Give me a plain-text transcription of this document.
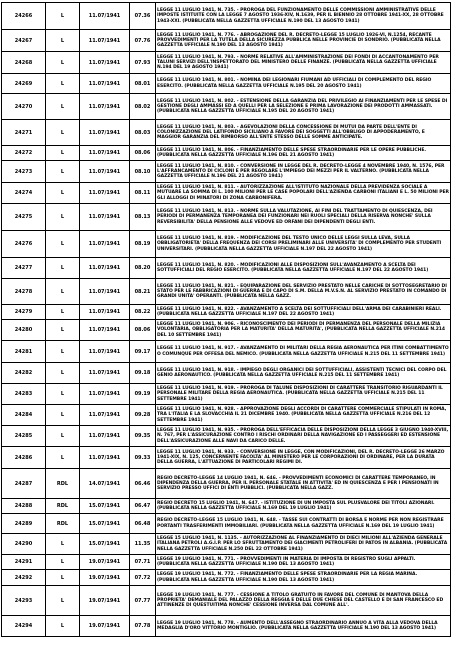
24266	L	11.07/1941	07.36	LEGGE 11 LUGLIO 1941, N. 735. - PROROGA DEL FUNZIONAMENTO DELLE COMMISSIONI AMMINISTRATIVE DELLE IMPOSTE ISTITUITE CON LA LEGGE 7 AGOSTO 1936-XIV, N.1639, PER IL BIENNIO 28 OTTOBRE 1941-XX, 28 OTTOBRE 1943-XXI. (PUBBLICATA NELLA GAZZETTA UFFICIALE N.190 DEL 13 AGOSTO 1941)
24267	L	11.07/1941	07.76	LEGGE 11 LUGLIO 1941, N. 776. - ABROGAZIONE DEL R. DECRETO-LEGGE 15 LUGLIO 1926-VI, N.1254, RECANTE PROVVEDIMENTI PER LA TUTELA DELLA SICUREZZA PUBBLICA NELLE PROVINCIE DI SONDRIO. (PUBBLICATA NELLA GAZZETTA UFFICIALE N.190 DEL 13 AGOSTO 1941)
24268	L	11.07/1941	07.93	LEGGE 11 LUGLIO 1941, N. 793. - NORME RELATIVE ALL'AMMINISTRAZIONE DEI FONDI DI ACCANTONAMENTO PER TALUNI SERVIZI DELL'INSPETTORATO DEL MINISTERO DELLE FINANZE. (PUBBLICATA NELLA GAZZETTA UFFICIALE N.194 DEL 19 AGOSTO 1941)
24269	L	11.07/1941	08.01	LEGGE 11 LUGLIO 1941, N. 801. - NOMINA DEI LEGIONARI FIUMANI AD UFFICIALI DI COMPLEMENTO DEL REGIO ESERCITO. (PUBBLICATA NELLA GAZZETTA UFFICIALE N.195 DEL 20 AGOSTO 1941)
24270	L	11.07/1941	08.02	LEGGE 11 LUGLIO 1941, N. 802. - ESTENSIONE DELLA GARANZIA DEL PRIVILEGIO AI FINANZIAMENTI PER LE SPESE DI GESTIONE DEGLI AMMASSI ED A QUELLI PER LA SELEZIONE E PRIMA LAVORAZIONE DEI PRODOTTI AMMASSATI. (PUBBLICATA NELLA GAZZETTA UFFICIALE N.195 DEL 20 AGOSTO 1941)
24271	L	11.07/1941	08.03	LEGGE 11 LUGLIO 1941, N. 803. - AGEVOLAZIONI DELLA CONCESSIONE DI MUTUI DA PARTE DELL'ENTE DI COLONIZZAZIONE DEL LATIFONDO SICILIANO A FAVORE DEI SOGGETTI ALL'OBBLIGO DI APPODERAMENTO, E MAGGIOR GARANZIA DEL RIMBORSO ALL'ENTE STESSO DELLE SOMME ANTICIPATE.
24272	L	11.07/1941	08.06	LEGGE 11 LUGLIO 1941, N. 806. - FINANZIAMENTO DELLE SPESE STRAORDINARIE PER LE OPERE PUBBLICHE. (PUBBLICATA NELLA GAZZETTA UFFICIALE N.196 DEL 21 AGOSTO 1941)
24273	L	11.07/1941	08.10	LEGGE 11 LUGLIO 1941, N. 810. - CONVERSIONE IN LEGGE DEL R. DECRETO-LEGGE 4 NOVEMBRE 1940, N. 1576, PER L'AFFRANCAMENTO DI CICLONI E PER REGOLARE L'IMPIEGO DEI MEZZI PER IL VALTERNO. (PUBBLICATA NELLA GAZZETTA UFFICIALE N.196 DEL 21 AGOSTO 1941)
24274	L	11.07/1941	08.11	LEGGE 11 LUGLIO 1941, N. 811. - AUTORIZZAZIONE ALL'ISTITUTO NAZIONALE DELLA PREVIDENZA SOCIALE A MUTUARE LA SOMMA DI L. 100 MILIONI PER LE CASE POPOLARI DELL'AZIENDA CARBONI ITALIANI E L. 50 MILIONI PER GLI ALLOGGI DI MINATORI DI ZONA CARBONIFERA.
24275	L	11.07/1941	08.13	LEGGE 11 LUGLIO 1941, N. 813. - NORME SULLA VALUTAZIONE, AI FINI DEL TRATTAMENTO DI QUIESCENZA, DEI PERIODI DI PERMANENZA TEMPORANEA DEI FUNZIONARI NEI RUOLI SPECIALI DELLA RISERVA NONCHE' SULLA REVERSIBILITA' DELLA PENSIONE ALLE VEDOVE ED ORFANI DEI DIPENDENTI DEGLI ENTI.
24276	L	11.07/1941	08.19	LEGGE 11 LUGLIO 1941, N. 819. - MODIFICAZIONE DEL TESTO UNICO DELLE LEGGI SULLA LEVA, SULLA OBBLIGATORIETA' DELLA FREQUENZA DEI CORSI PRELIMINARI ALLE UNIVERSITA' DI COMPLEMENTO PER STUDENTI UNIVERSITARI. (PUBBLICATA NELLA GAZZETTA UFFICIALE N.197 DEL 22 AGOSTO 1941)
24277	L	11.07/1941	08.20	LEGGE 11 LUGLIO 1941, N. 820. - MODIFICAZIONI ALLE DISPOSIZIONI SULL'AVANZAMENTO A SCELTA DEI SOTTUFFICIALI DEL REGIO ESERCITO. (PUBBLICATA NELLA GAZZETTA UFFICIALE N.197 DEL 22 AGOSTO 1941)
24278	L	11.07/1941	08.21	LEGGE 11 LUGLIO 1941, N. 821. - EQUIPARAZIONE DEL SERVIZIO PRESTATO NELLE CARICHE DI SOTTOSEGRETARIO DI STATO PER LE FABBRICAZIONI DI GUERRA E DI CAPO DI S.M. DELLA M.V.S.N. AL SERVIZIO PRESTATO IN COMANDO DI GRANDI UNITA' OPERANTI. (PUBBLICATA NELLA GAZZ.
24279	L	11.07/1941	08.22	LEGGE 11 LUGLIO 1941, N. 822. - AVANZAMENTO A SCELTA DEI SOTTUFFICIALI DELL'ARMA DEI CARABINIERI REALI. (PUBBLICATA NELLA GAZZETTA UFFICIALE N.197 DEL 22 AGOSTO 1941)
24280	L	11.07/1941	08.06	LEGGE 11 LUGLIO 1941, N. 906. - RICONOSCIMENTO DEI PERIODI DI PERMANENZA DEL PERSONALE DELLA MILIZIA VOLONTARIA, OBBLIGATORIA PER LA MATURITA' DELLA MATURITA', (PUBBLICATA NELLA GAZZETTA UFFICIALE N.214 DEL 10 SETTEMBRE 1941)
24281	L	11.07/1941	09.17	LEGGE 11 LUGLIO 1941, N. 917. - AVANZAMENTO DI MILITARI DELLA REGIA AERONAUTICA PER ITINI COMBATTIMENTO O COMUNQUE PER OFFESA DEL NEMICO. (PUBBLICATA NELLA GAZZETTA UFFICIALE N.215 DEL 11 SETTEMBRE 1941)
24282	L	11.07/1941	09.18	LEGGE 11 LUGLIO 1941, N. 918. - IMPIEGO DEGLI ORGANICI DEI SOTTUFFICIALI, ASSISTENTI TECNICI DEL CORPO DEL GENIO AERONAUTICO. (PUBBLICATA NELLA GAZZETTA UFFICIALE N.215 DEL 11 SETTEMBRE 1941)
24283	L	11.07/1941	09.19	LEGGE 11 LUGLIO 1941, N. 919. - PROROGA DI TALUNE DISPOSIZIONI DI CARATTERE TRANSITORIO RIGUARDANTI IL PERSONALE MILITARE DELLA REGIA AERONAUTICA. (PUBBLICATA NELLA GAZZETTA UFFICIALE N.215 DEL 11 SETTEMBRE 1941)
24284	L	11.07/1941	09.28	LEGGE 11 LUGLIO 1941, N. 928. - APPROVAZIONE DEGLI ACCORDI DI CARATTERE COMMERCIALE STIPULATI IN ROMA, TRA L'ITALIA E LA SLOVACCHIA IL 21 DICEMBRE 1940. (PUBBLICATA NELLA GAZZETTA UFFICIALE N.216 DEL 12 SETTEMBRE 1941)
24285	L	11.07/1941	09.35	LEGGE 11 LUGLIO 1941, N. 935. - PROROGA DELL'EFFICACIA DELLE DISPOSIZIONI DELLA LEGGE 3 GIUGNO 1940-XVIII, N. 767, PER L'ASSICURAZIONE CONTRO I RISCHI ORDINARI DELLA NAVIGAZIONE ED I PASSEGGERI ED ESTENSIONE DELL'ASSICURAZIONE ALLE NAVI DA CARICO DELLE.
24286	L	11.07/1941	09.33	LEGGE 11 LUGLIO 1941, N. 933. - CONVERSIONE IN LEGGE, CON MODIFICAZIONI, DEL R. DECRETO-LEGGE 26 MARZO 1941-XIX, N. 125, CONCERNENTE FACOLTA' AL MINISTERO PER LE CORPORAZIONI DI ORDINARE, PER LA DURATA DELLA GUERRA, L'ATTUAZIONE DI PARTICOLARI REGIMI DI.
24287	RDL	14.07/1941	06.46	REGIO DECRETO-LEGGE 14 LUGLIO 1941, N. 646. - PROVVEDIMENTI ECONOMICI DI CARATTERE TEMPORANEO, IN DIPENDENZA DELLA GUERRA, PER IL PERSONALE STATALE IN ATTIVITA' ED IN QUIESCENZA E PER I PENSIONATI IN SERVIZIO PRESSO UFFICI DI ENTI PUBBLICI. (PUBBLICATA NELLA GAZZ.
24288	RDL	15.07/1941	06.47	REGIO DECRETO 15 LUGLIO 1941, N. 647. - ISTITUZIONE DI UN IMPOSTA SUL PLUSVALORE DEI TITOLI AZIONARI. (PUBBLICATA NELLA GAZZETTA UFFICIALE N.169 DEL 19 LUGLIO 1941)
24289	RDL	15.07/1941	06.48	REGIO DECRETO-LEGGE 15 LUGLIO 1941, N. 648. - TASSE SUI CONTRATTI DI BORSA E NORME PER NON REGISTRARE PORTANTI TRASFERIMENTI IMMOBILIARI. (PUBBLICATA NELLA GAZZETTA UFFICIALE N.169 DEL 19 LUGLIO 1941)
24290	L	15.07/1941	11.35	LEGGE 15 LUGLIO 1941, N. 1135. - AUTORIZZAZIONE AL FINANZIAMENTO DI DIECI MILIONI ALL'AZIENDA GENERALE ITALIANA PETROLI A.G.I.P. PER LO SFRUTTAMENTO DEI GIACIMENTI PETROLIFERI DI PATOS IN ALBANIA. (PUBBLICATA NELLA GAZZETTA UFFICIALE N.250 DEL 22 OTTOBRE 1941)
24291	L	19.07/1941	07.71	LEGGE 19 LUGLIO 1941, N. 771. - PROVVEDIMENTI IN MATERIA DI IMPOSTA DI REGISTRO SUGLI APPALTI. (PUBBLICATA NELLA GAZZETTA UFFICIALE N.190 DEL 13 AGOSTO 1941)
24292	L	19.07/1941	07.72	LEGGE 19 LUGLIO 1941, N. 772. - FINANZIAMENTO DELLE SPESE STRAORDINARIE PER LA REGIA MARINA. (PUBBLICATA NELLA GAZZETTA UFFICIALE N.190 DEL 13 AGOSTO 1941)
24293	L	19.07/1941	07.77	LEGGE 19 LUGLIO 1941, N. 777. - CESSIONE A TITOLO GRATUITO IN FAVORE DEL COMUNE DI MANTOVA DELLA PROPRIETA' DEMANIALE DEL PALAZZO DELLA REGGIA E DELLE DUE CHIESE DEL CASTELLO E DI SAN FRANCESCO ED ATTINENZE DI QUESTUITIMA NONCHE' CESSIONE INVERSA DAL COMUNE ALL'.
24294	L	19.07/1941	07.78	LEGGE 19 LUGLIO 1941, N. 778. - AUMENTO DELL'ASSEGNO STRAORDINARIO ANNUO A VITA ALLA VEDOVA DELLA MEDAGLIA D'ORO VITTORIO MONTIGLIO. (PUBBLICATA NELLA GAZZETTA UFFICIALE N.190 DEL 13 AGOSTO 1941)
